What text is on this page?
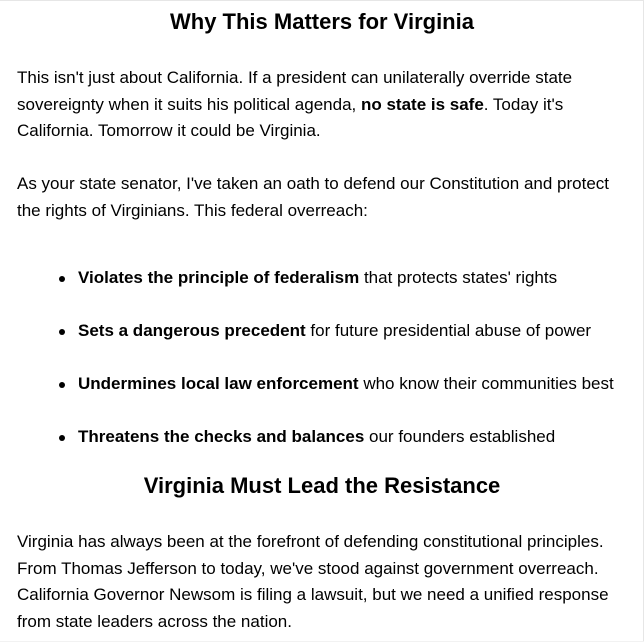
Why This Matters for Virginia

This isn't just about California. If a president can unilaterally override state sovereignty when it suits his political agenda, no state is safe. Today it's California. Tomorrow it could be Virginia.

As your state senator, I've taken an oath to defend our Constitution and protect the rights of Virginians. This federal overreach:

Violates the principle of federalism that protects states' rights
Sets a dangerous precedent for future presidential abuse of power
Undermines local law enforcement who know their communities best
Threatens the checks and balances our founders established
Virginia Must Lead the Resistance

Virginia has always been at the forefront of defending constitutional principles. From Thomas Jefferson to today, we've stood against government overreach. California Governor Newsom is filing a lawsuit, but we need a unified response from state leaders across the nation.
